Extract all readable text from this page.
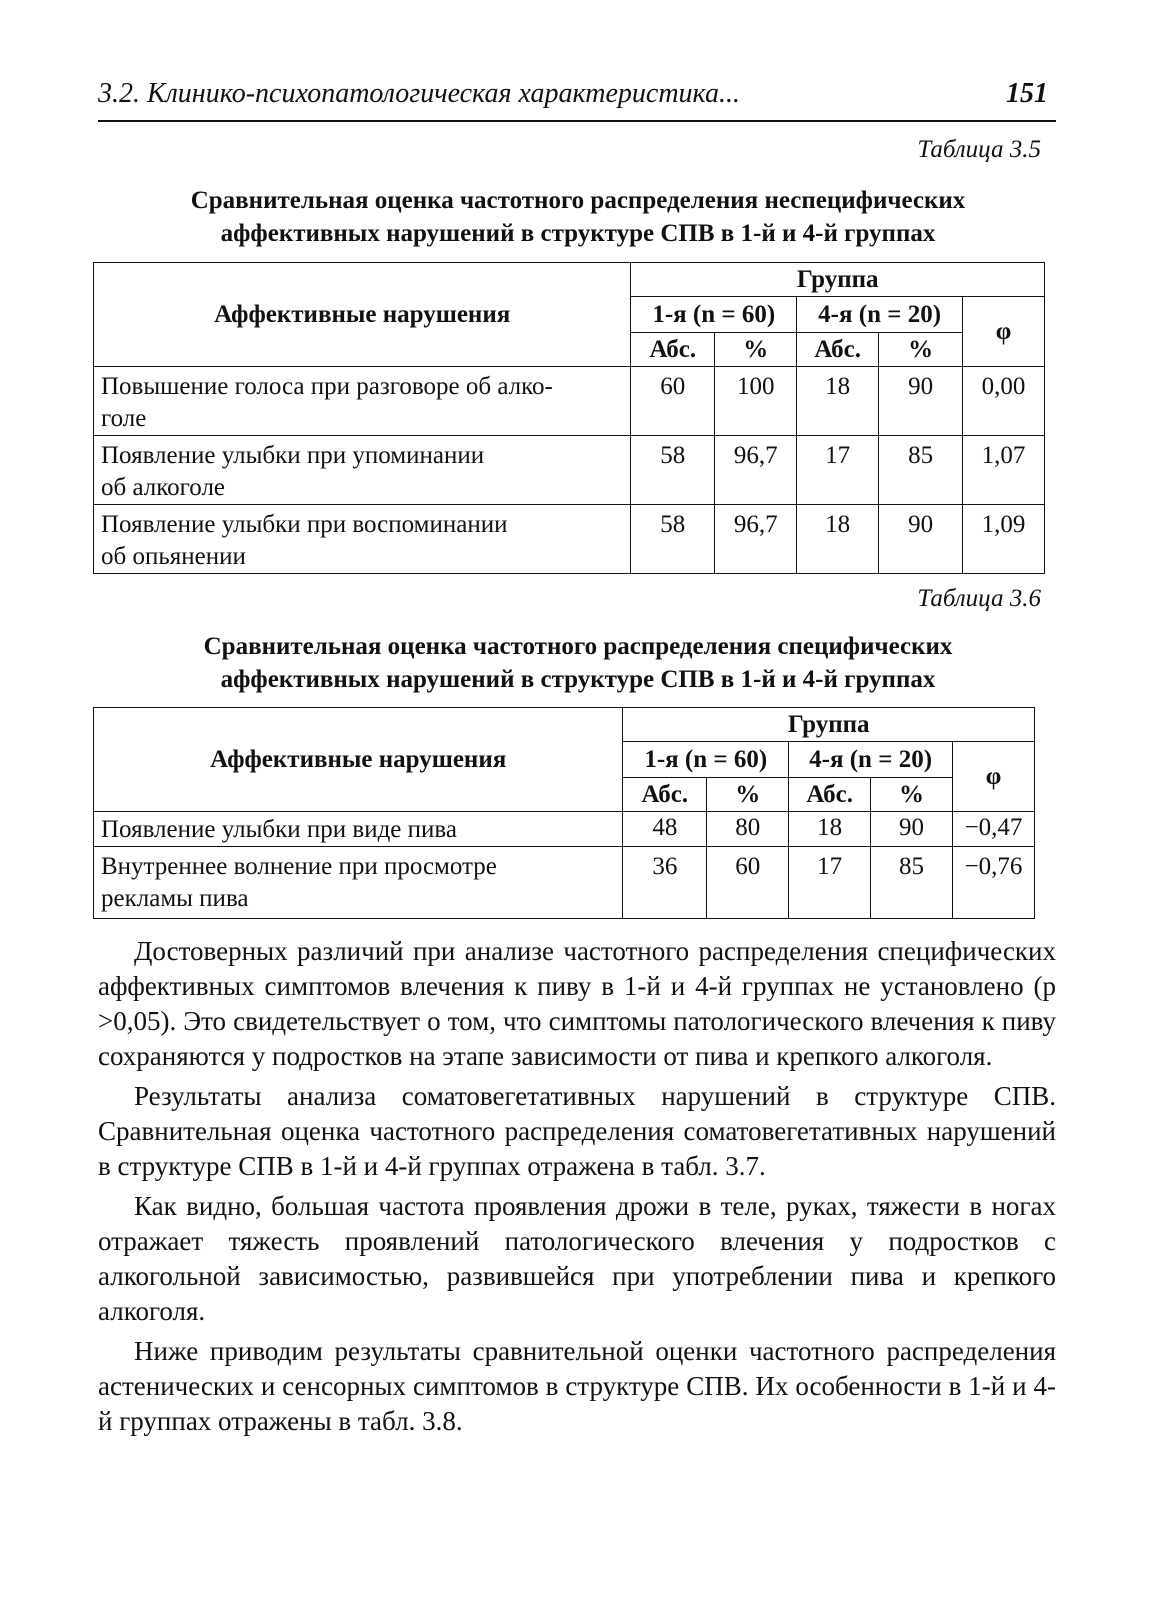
3.2. Клинико-психопатологическая характеристика...	151
Таблица 3.5
Сравнительная оценка частотного распределения неспецифических
аффективных нарушений в структуре СПВ в 1-й и 4-й группах
Аффективные нарушения	Группа				
	1-я (n = 60)		4-я (n = 20)		φ
	Абс.	%	Абс.	%	
Повышение голоса при разговоре об алко-
голе	60	100	18	90	0,00
Появление улыбки при упоминании
об алкоголе	58	96,7	17	85	1,07
Появление улыбки при воспоминании
об опьянении	58	96,7	18	90	1,09
Таблица 3.6
Сравнительная оценка частотного распределения специфических
аффективных нарушений в структуре СПВ в 1-й и 4-й группах
Аффективные нарушения	Группа				
	1-я (n = 60)		4-я (n = 20)		φ
	Абс.	%	Абс.	%	
Появление улыбки при виде пива	48	80	18	90	−0,47
Внутреннее волнение при просмотре
рекламы пива	36	60	17	85	−0,76

Достоверных различий при анализе частотного распределения специфических аффективных симптомов влечения к пиву в 1-й и 4-й группах не установлено (p >0,05). Это свидетельствует о том, что симптомы патологического влечения к пиву сохраняются у подростков на этапе зависимости от пива и крепкого алкоголя.

Результаты анализа соматовегетативных нарушений в структуре СПВ. Сравнительная оценка частотного распределения соматовегетативных нарушений в структуре СПВ в 1-й и 4-й группах отражена в табл. 3.7.

Как видно, большая частота проявления дрожи в теле, руках, тяжести в ногах отражает тяжесть проявлений патологического влечения у подростков с алкогольной зависимостью, развившейся при употреблении пива и крепкого алкоголя.

Ниже приводим результаты сравнительной оценки частотного распределения астенических и сенсорных симптомов в структуре СПВ. Их особенности в 1-й и 4-й группах отражены в табл. 3.8.
